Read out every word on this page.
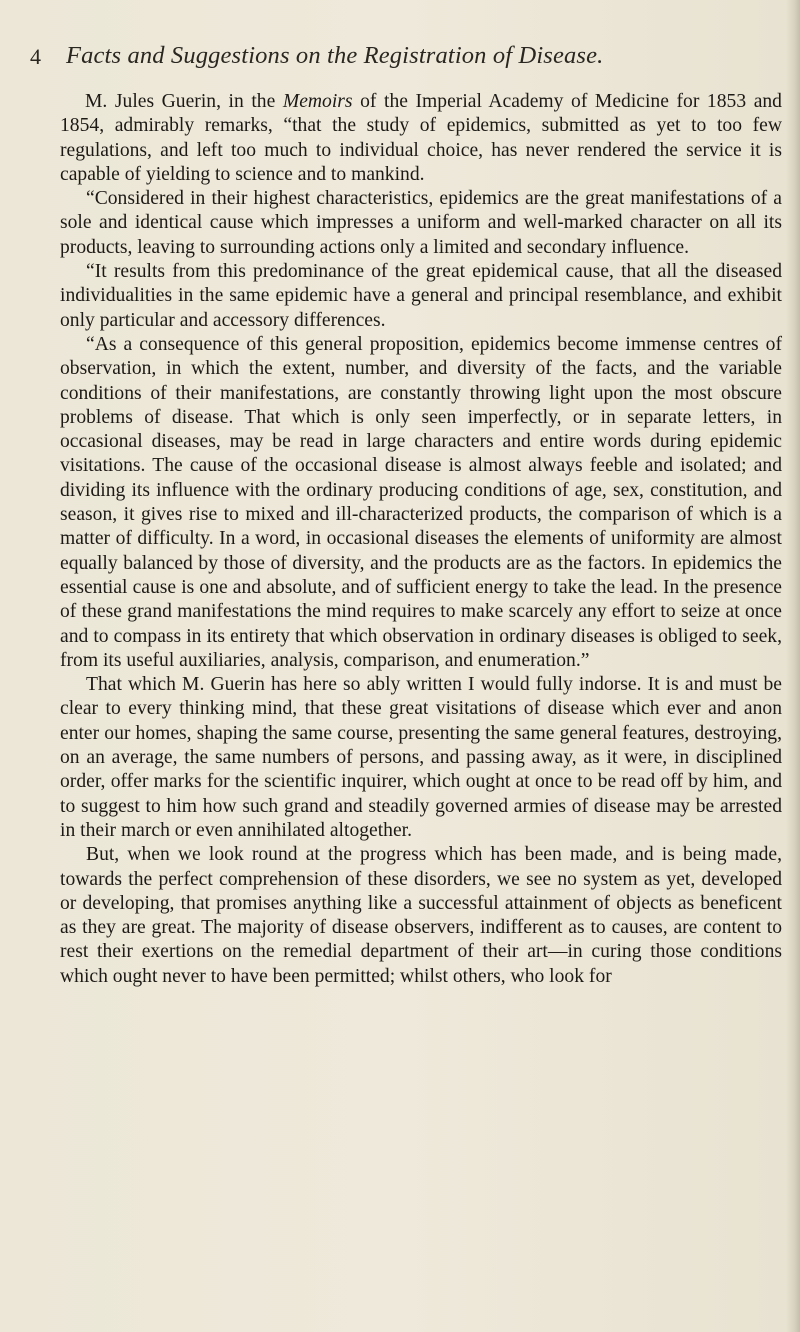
4 Facts and Suggestions on the Registration of Disease.

M. Jules Guerin, in the Memoirs of the Imperial Academy of Medicine for 1853 and 1854, admirably remarks, “that the study of epidemics, submitted as yet to too few regulations, and left too much to individual choice, has never rendered the service it is capable of yielding to science and to mankind.

“Considered in their highest characteristics, epidemics are the great manifestations of a sole and identical cause which impresses a uniform and well-marked character on all its products, leaving to surrounding actions only a limited and secondary influence.

“It results from this predominance of the great epidemical cause, that all the diseased individualities in the same epidemic have a general and principal resemblance, and exhibit only particular and accessory differences.

“As a consequence of this general proposition, epidemics become immense centres of observation, in which the extent, number, and diversity of the facts, and the variable conditions of their manifestations, are constantly throwing light upon the most obscure problems of disease. That which is only seen imperfectly, or in separate letters, in occasional diseases, may be read in large characters and entire words during epidemic visitations. The cause of the occasional disease is almost always feeble and isolated; and dividing its influence with the ordinary producing conditions of age, sex, constitution, and season, it gives rise to mixed and ill-characterized products, the comparison of which is a matter of difficulty. In a word, in occasional diseases the elements of uniformity are almost equally balanced by those of diversity, and the products are as the factors. In epidemics the essential cause is one and absolute, and of sufficient energy to take the lead. In the presence of these grand manifestations the mind requires to make scarcely any effort to seize at once and to compass in its entirety that which observation in ordinary diseases is obliged to seek, from its useful auxiliaries, analysis, comparison, and enumeration.”

That which M. Guerin has here so ably written I would fully indorse. It is and must be clear to every thinking mind, that these great visitations of disease which ever and anon enter our homes, shaping the same course, presenting the same general features, destroying, on an average, the same numbers of persons, and passing away, as it were, in disciplined order, offer marks for the scientific inquirer, which ought at once to be read off by him, and to suggest to him how such grand and steadily governed armies of disease may be arrested in their march or even annihilated altogether.

But, when we look round at the progress which has been made, and is being made, towards the perfect comprehension of these disorders, we see no system as yet, developed or developing, that promises anything like a successful attainment of objects as beneficent as they are great. The majority of disease observers, indifferent as to causes, are content to rest their exertions on the remedial department of their art—in curing those conditions which ought never to have been permitted; whilst others, who look for
